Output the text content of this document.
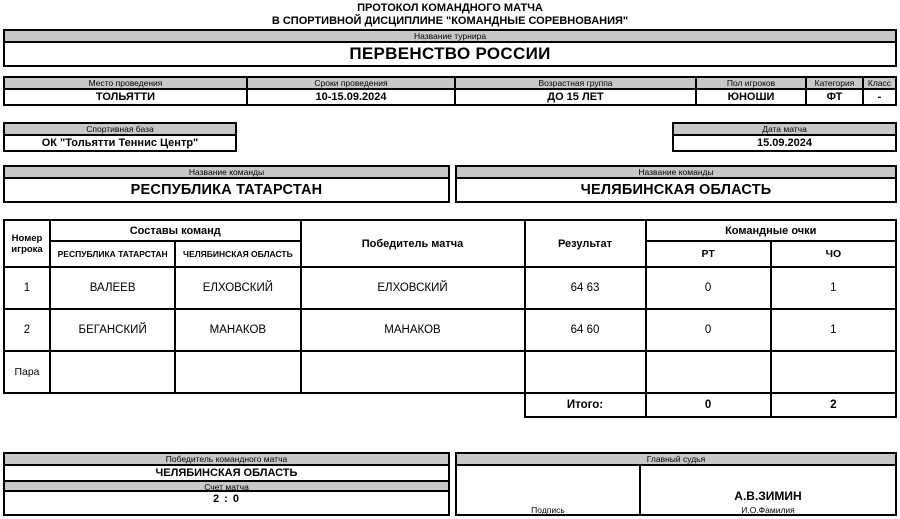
ПРОТОКОЛ КОМАНДНОГО МАТЧА
В СПОРТИВНОЙ ДИСЦИПЛИНЕ "КОМАНДНЫЕ СОРЕВНОВАНИЯ"
Название турнира
ПЕРВЕНСТВО РОССИИ
Место проведения
ТОЛЬЯТТИ
Сроки проведения
10-15.09.2024
Возрастная группа
ДО 15 ЛЕТ
Пол игроков
ЮНОШИ
Категория
ФТ
Класс
-
Спортивная база
ОК "Тольятти Теннис Центр"
Дата матча
15.09.2024
Название команды
РЕСПУБЛИКА ТАТАРСТАН
Название команды
ЧЕЛЯБИНСКАЯ ОБЛАСТЬ
Номер
игрока	Составы команд		Победитель матча	Результат	Командные очки	
	РЕСПУБЛИКА ТАТАРСТАН	ЧЕЛЯБИНСКАЯ ОБЛАСТЬ			РТ	ЧО
1	ВАЛЕЕВ	ЕЛХОВСКИЙ	ЕЛХОВСКИЙ	64 63	0	1
2	БЕГАНСКИЙ	МАНАКОВ	МАНАКОВ	64 60	0	1
Пара						
				Итого:	0	2
Победитель командного матча
ЧЕЛЯБИНСКАЯ ОБЛАСТЬ
Счет матча
2 : 0
Главный судья
Подпись
А.В.ЗИМИН
И.О.Фамилия
